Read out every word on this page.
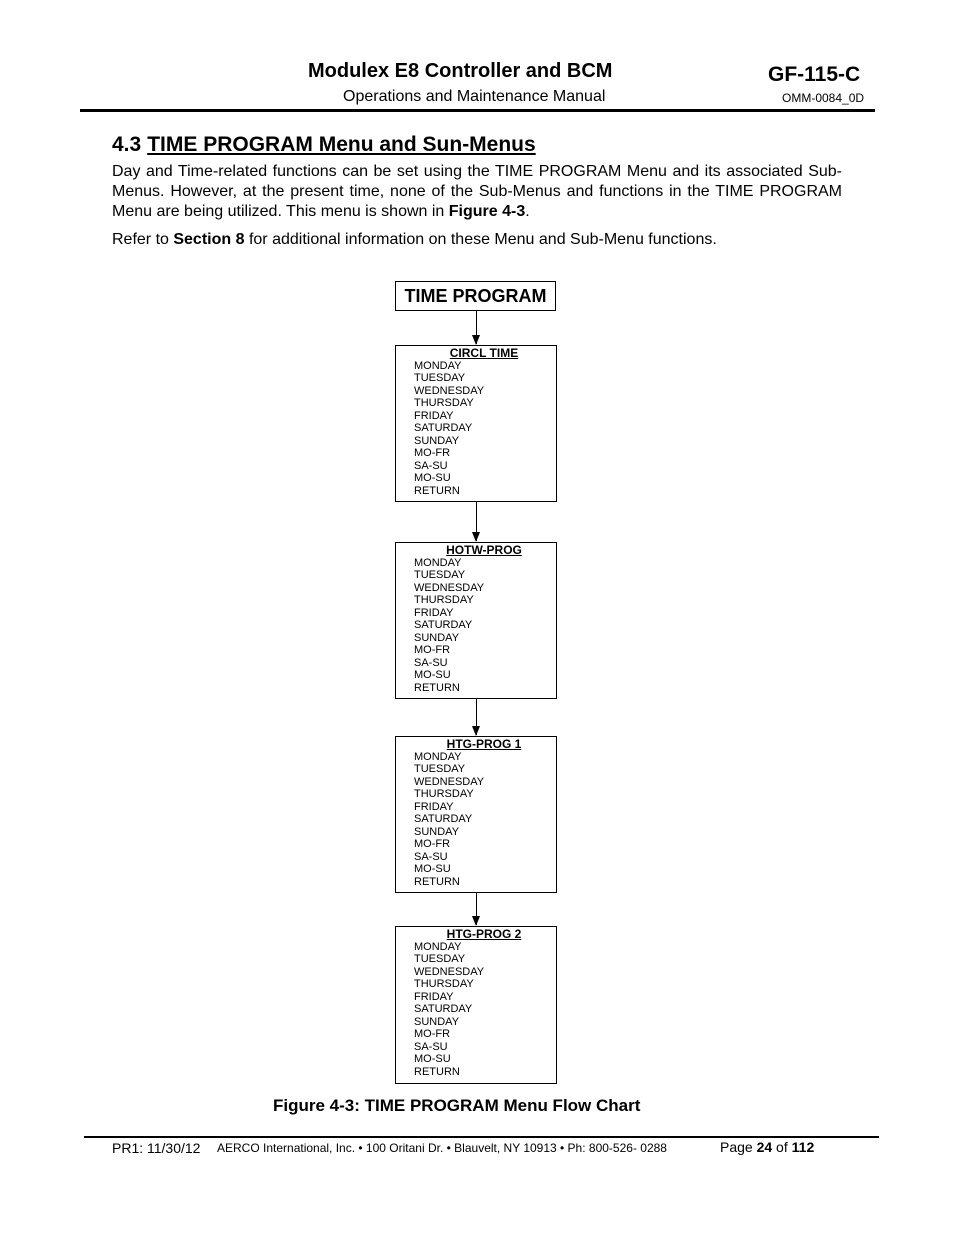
Modulex E8 Controller and BCM
Operations and Maintenance Manual
GF-115-C
OMM-0084_0D
4.3 TIME PROGRAM Menu and Sun-Menus
Day and Time-related functions can be set using the TIME PROGRAM Menu and its associated Sub-Menus. However, at the present time, none of the Sub-Menus and functions in the TIME PROGRAM Menu are being utilized. This menu is shown in Figure 4-3.
Refer to Section 8 for additional information on these Menu and Sub-Menu functions.
TIME PROGRAM
CIRCL TIME
MONDAY
TUESDAY
WEDNESDAY
THURSDAY
FRIDAY
SATURDAY
SUNDAY
MO-FR
SA-SU
MO-SU
RETURN
HOTW-PROG
MONDAY
TUESDAY
WEDNESDAY
THURSDAY
FRIDAY
SATURDAY
SUNDAY
MO-FR
SA-SU
MO-SU
RETURN
HTG-PROG 1
MONDAY
TUESDAY
WEDNESDAY
THURSDAY
FRIDAY
SATURDAY
SUNDAY
MO-FR
SA-SU
MO-SU
RETURN
HTG-PROG 2
MONDAY
TUESDAY
WEDNESDAY
THURSDAY
FRIDAY
SATURDAY
SUNDAY
MO-FR
SA-SU
MO-SU
RETURN
Figure 4-3: TIME PROGRAM Menu Flow Chart
PR1: 11/30/12 AERCO International, Inc. • 100 Oritani Dr. • Blauvelt, NY 10913 • Ph: 800-526- 0288	Page 24 of 112
